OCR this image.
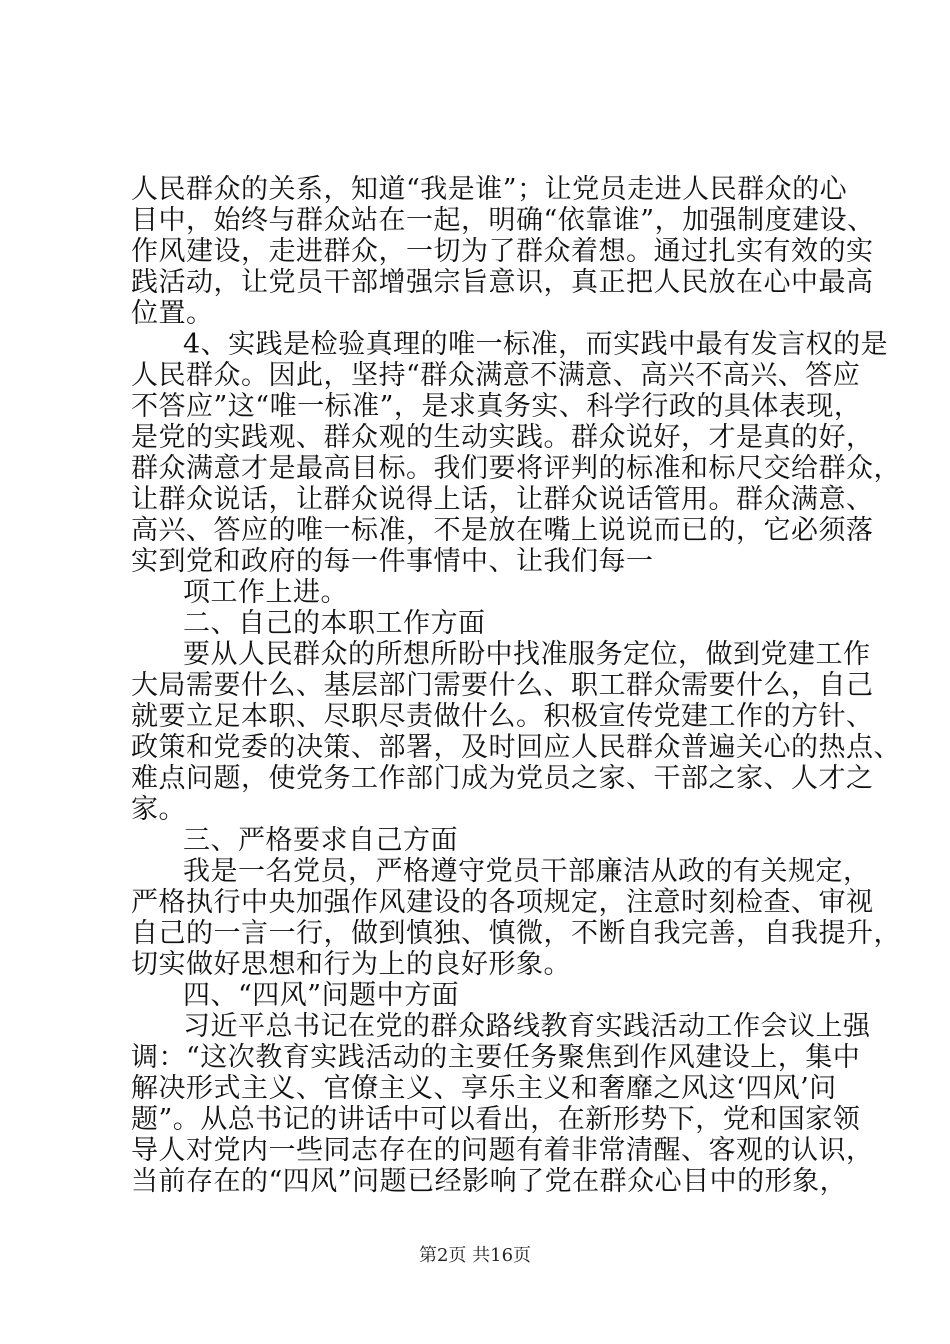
人民群众的关系，知道“我是谁”；让党员走进人民群众的心
目中，始终与群众站在一起，明确“依靠谁”，加强制度建设、
作风建设，走进群众，一切为了群众着想。通过扎实有效的实
践活动，让党员干部增强宗旨意识，真正把人民放在心中最高
位置。
4、实践是检验真理的唯一标准，而实践中最有发言权的是
人民群众。因此，坚持“群众满意不满意、高兴不高兴、答应
不答应”这“唯一标准”，是求真务实、科学行政的具体表现，
是党的实践观、群众观的生动实践。群众说好，才是真的好，
群众满意才是最高目标。我们要将评判的标准和标尺交给群众，
让群众说话，让群众说得上话，让群众说话管用。群众满意、
高兴、答应的唯一标准，不是放在嘴上说说而已的，它必须落
实到党和政府的每一件事情中、让我们每一
项工作上进。
二、自己的本职工作方面
要从人民群众的所想所盼中找准服务定位，做到党建工作
大局需要什么、基层部门需要什么、职工群众需要什么，自己
就要立足本职、尽职尽责做什么。积极宣传党建工作的方针、
政策和党委的决策、部署，及时回应人民群众普遍关心的热点、
难点问题，使党务工作部门成为党员之家、干部之家、人才之
家。
三、严格要求自己方面
我是一名党员，严格遵守党员干部廉洁从政的有关规定，
严格执行中央加强作风建设的各项规定，注意时刻检查、审视
自己的一言一行，做到慎独、慎微，不断自我完善，自我提升，
切实做好思想和行为上的良好形象。
四、“四风”问题中方面
习近平总书记在党的群众路线教育实践活动工作会议上强
调：“这次教育实践活动的主要任务聚焦到作风建设上，集中
解决形式主义、官僚主义、享乐主义和奢靡之风这‘四风’问
题”。从总书记的讲话中可以看出，在新形势下，党和国家领
导人对党内一些同志存在的问题有着非常清醒、客观的认识，
当前存在的“四风”问题已经影响了党在群众心目中的形象，
第2页 共16页
